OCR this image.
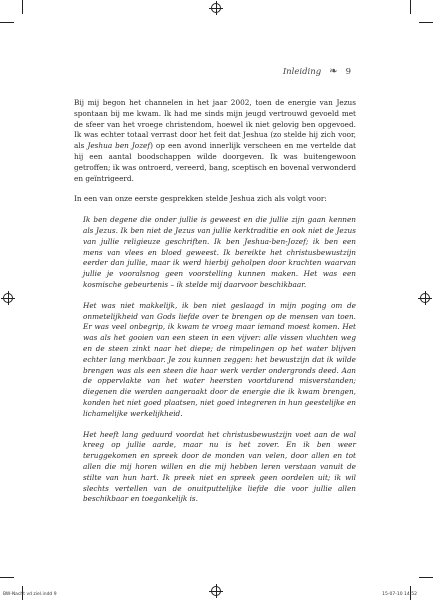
Inleiding ❧ 9

Bij mij begon het channelen in het jaar 2002, toen de energie van Jezus spontaan bij me kwam. Ik had me sinds mijn jeugd vertrouwd gevoeld met de sfeer van het vroege christendom, hoewel ik niet gelovig ben opgevoed. Ik was echter totaal verrast door het feit dat Jeshua (zo stelde hij zich voor, als Jeshua ben Jozef) op een avond innerlijk verscheen en me vertelde dat hij een aantal boodschappen wilde doorgeven. Ik was buitengewoon getroffen; ik was ontroerd, vereerd, bang, sceptisch en bovenal verwonderd en geïntrigeerd.

In een van onze eerste gesprekken stelde Jeshua zich als volgt voor:

Ik ben degene die onder jullie is geweest en die jullie zijn gaan kennen als Jezus. Ik ben niet de Jezus van jullie kerktraditie en ook niet de Jezus van jullie religieuze geschriften. Ik ben Jeshua-ben-Jozef; ik ben een mens van vlees en bloed geweest. Ik bereikte het christusbewustzijn eerder dan jullie, maar ik werd hierbij geholpen door krachten waarvan jullie je vooralsnog geen voorstelling kunnen maken. Het was een kosmische gebeurtenis – ik stelde mij daarvoor beschikbaar.

Het was niet makkelijk, ik ben niet geslaagd in mijn poging om de onmetelijkheid van Gods liefde over te brengen op de mensen van toen. Er was veel onbegrip, ik kwam te vroeg maar iemand moest komen. Het was als het gooien van een steen in een vijver: alle vissen vluchten weg en de steen zinkt naar het diepe; de rimpelingen op het water blijven echter lang merkbaar. Je zou kunnen zeggen: het bewustzijn dat ik wilde brengen was als een steen die haar werk verder ondergronds deed. Aan de oppervlakte van het water heersten voortdurend misverstanden; diegenen die werden aangeraakt door de energie die ik kwam brengen, konden het niet goed plaatsen, niet goed integreren in hun geestelijke en lichamelijke werkelijkheid.

Het heeft lang geduurd voordat het christusbewustzijn voet aan de wal kreeg op jullie aarde, maar nu is het zover. En ik ben weer teruggekomen en spreek door de monden van velen, door allen en tot allen die mij horen willen en die mij hebben leren verstaan vanuit de stilte van hun hart. Ik preek niet en spreek geen oordelen uit; ik wil slechts vertellen van de onuitputtelijke liefde die voor jullie allen beschikbaar en toegankelijk is.

BW-Nacht vd ziel.indd 9	15-07-10 14:52
